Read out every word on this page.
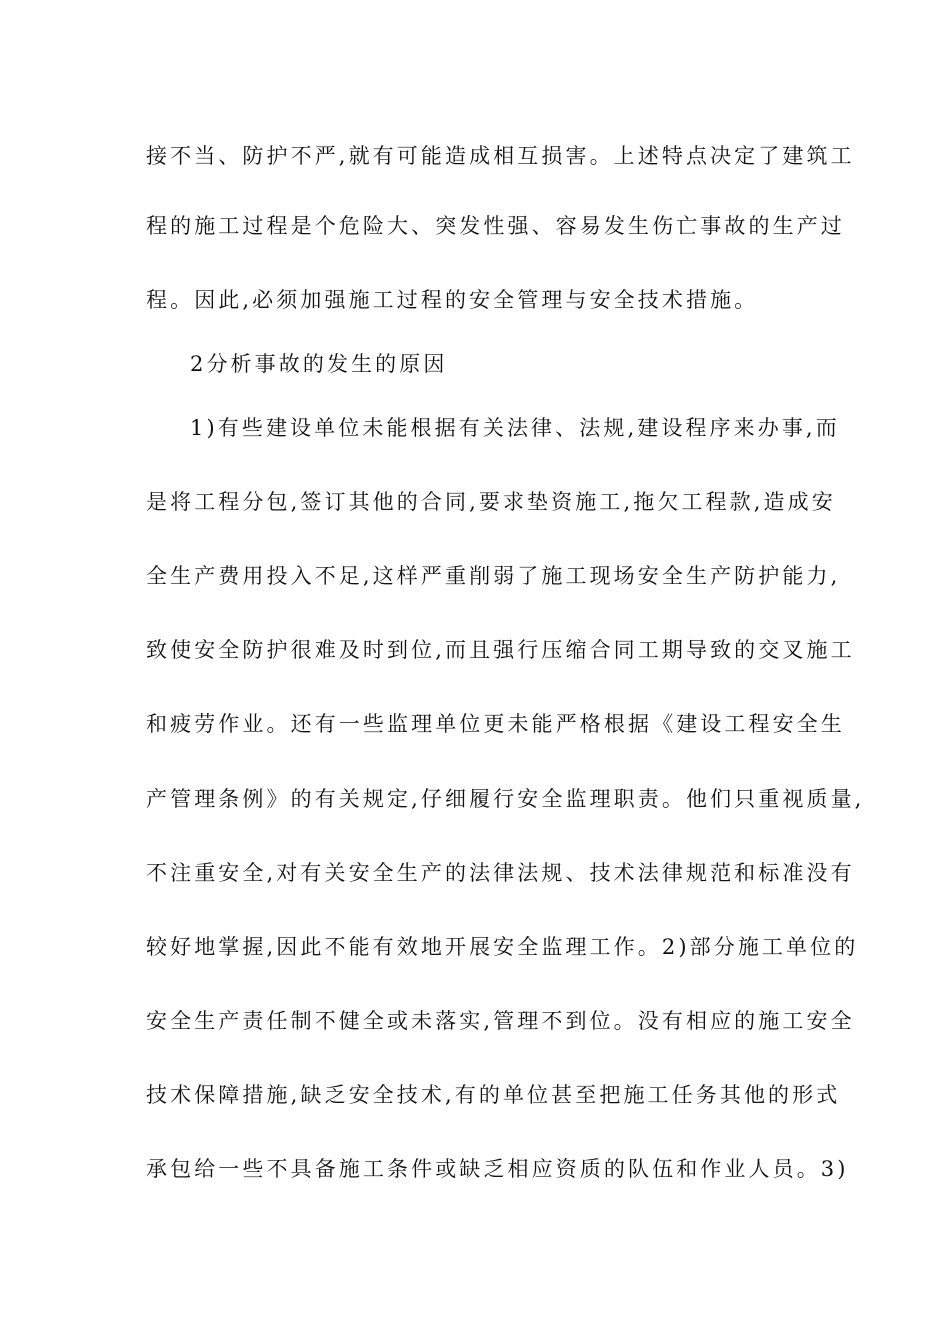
接不当、防护不严,就有可能造成相互损害。上述特点决定了建筑工
程的施工过程是个危险大、突发性强、容易发生伤亡事故的生产过
程。因此,必须加强施工过程的安全管理与安全技术措施。
2分析事故的发生的原因
1)有些建设单位未能根据有关法律、法规,建设程序来办事,而
是将工程分包,签订其他的合同,要求垫资施工,拖欠工程款,造成安
全生产费用投入不足,这样严重削弱了施工现场安全生产防护能力,
致使安全防护很难及时到位,而且强行压缩合同工期导致的交叉施工
和疲劳作业。还有一些监理单位更未能严格根据《建设工程安全生
产管理条例》的有关规定,仔细履行安全监理职责。他们只重视质量,
不注重安全,对有关安全生产的法律法规、技术法律规范和标准没有
较好地掌握,因此不能有效地开展安全监理工作。2)部分施工单位的
安全生产责任制不健全或未落实,管理不到位。没有相应的施工安全
技术保障措施,缺乏安全技术,有的单位甚至把施工任务其他的形式
承包给一些不具备施工条件或缺乏相应资质的队伍和作业人员。3)
